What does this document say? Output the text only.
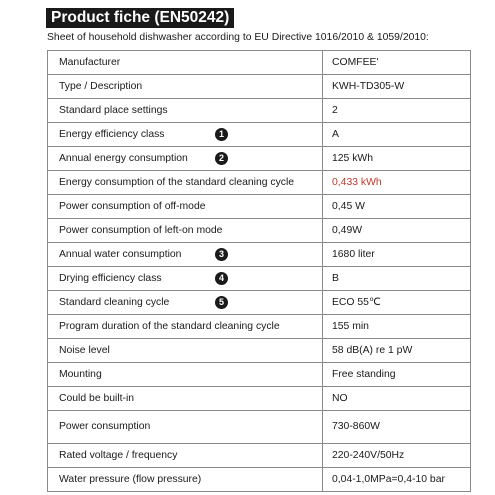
Product fiche (EN50242)
Sheet of household dishwasher according to EU Directive 1016/2010 & 1059/2010:
Manufacturer	COMFEE'
Type / Description	KWH-TD305-W
Standard place settings	2
Energy efficiency class 1	A
Annual energy consumption 2	125 kWh
Energy consumption of the standard cleaning cycle	0,433 kWh
Power consumption of off-mode	0,45 W
Power consumption of left-on mode	0,49W
Annual water consumption 3	1680 liter
Drying efficiency class 4	B
Standard cleaning cycle 5	ECO 55℃
Program duration of the standard cleaning cycle	155 min
Noise level	58 dB(A) re 1 pW
Mounting	Free standing
Could be built-in	NO
Power consumption	730-860W
Rated voltage / frequency	220-240V/50Hz
Water pressure (flow pressure)	0,04-1,0MPa=0,4-10 bar
